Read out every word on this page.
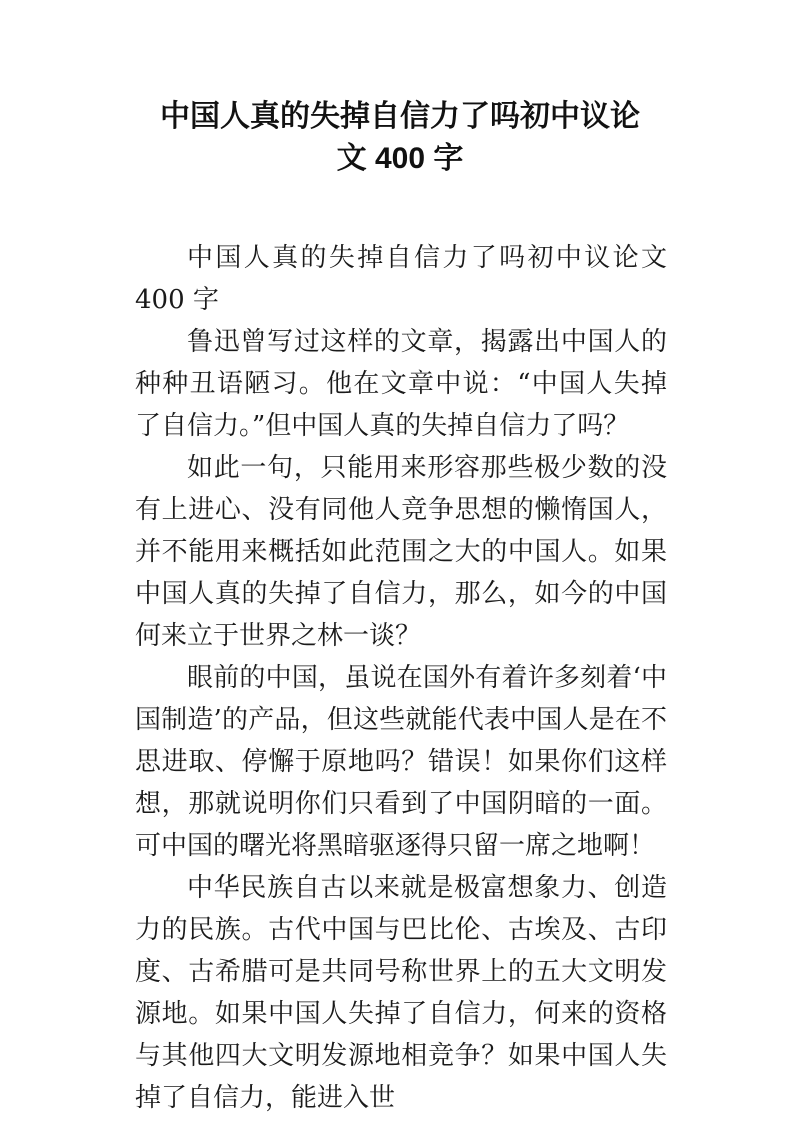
中国人真的失掉自信力了吗初中议论
文 400 字

中国人真的失掉自信力了吗初中议论文 400 字

鲁迅曾写过这样的文章，揭露出中国人的种种丑语陋习。他在文章中说：“中国人失掉了自信力。”但中国人真的失掉自信力了吗？

如此一句，只能用来形容那些极少数的没有上进心、没有同他人竞争思想的懒惰国人，并不能用来概括如此范围之大的中国人。如果中国人真的失掉了自信力，那么，如今的中国何来立于世界之林一谈？

眼前的中国，虽说在国外有着许多刻着‘中国制造’的产品，但这些就能代表中国人是在不思进取、停懈于原地吗？错误！如果你们这样想，那就说明你们只看到了中国阴暗的一面。可中国的曙光将黑暗驱逐得只留一席之地啊！

中华民族自古以来就是极富想象力、创造力的民族。古代中国与巴比伦、古埃及、古印度、古希腊可是共同号称世界上的五大文明发源地。如果中国人失掉了自信力，何来的资格与其他四大文明发源地相竞争？如果中国人失掉了自信力，能进入世
